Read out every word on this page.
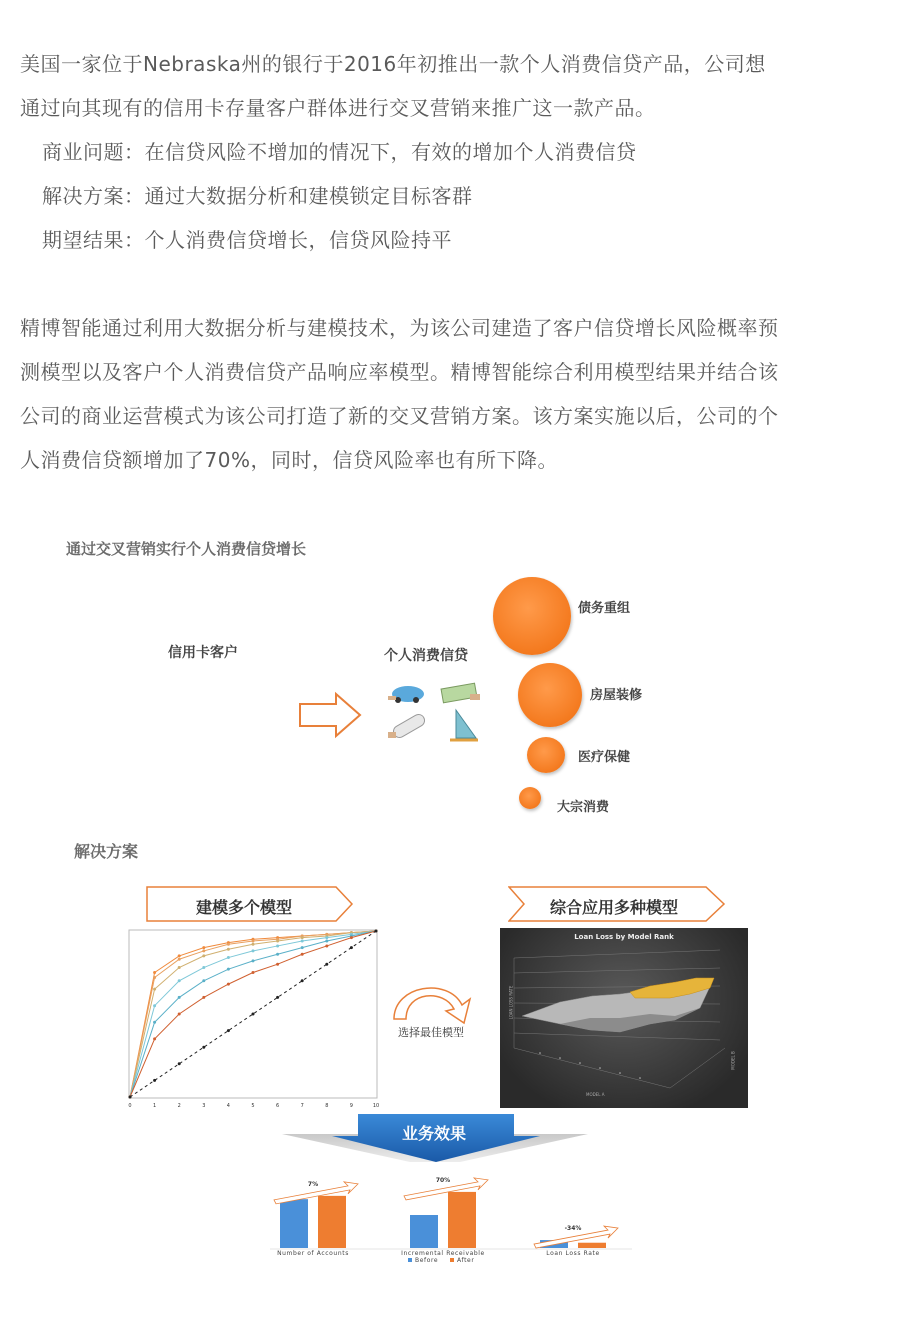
美国一家位于Nebraska州的银行于2016年初推出一款个人消费信贷产品，公司想
通过向其现有的信用卡存量客户群体进行交叉营销来推广这一款产品。
商业问题：在信贷风险不增加的情况下，有效的增加个人消费信贷
解决方案：通过大数据分析和建模锁定目标客群
期望结果：个人消费信贷增长，信贷风险持平
精博智能通过利用大数据分析与建模技术，为该公司建造了客户信贷增长风险概率预
测模型以及客户个人消费信贷产品响应率模型。精博智能综合利用模型结果并结合该
公司的商业运营模式为该公司打造了新的交叉营销方案。该方案实施以后，公司的个
人消费信贷额增加了70%，同时，信贷风险率也有所下降。
通过交叉营销实行个人消费信贷增长
信用卡客户	个人消费信贷
债务重组
房屋装修
医疗保健
大宗消费
解决方案
建模多个模型	综合应用多种模型
0	1	2	3	4	5	6	7	8	9	10
选择最佳模型
Loan Loss by Model Rank
LOAN LOSS RATE
MODEL A
MODEL B
业务效果
7%
Number of Accounts
70%
Incremental Receivable
-34%
Loan Loss Rate
Before	After
